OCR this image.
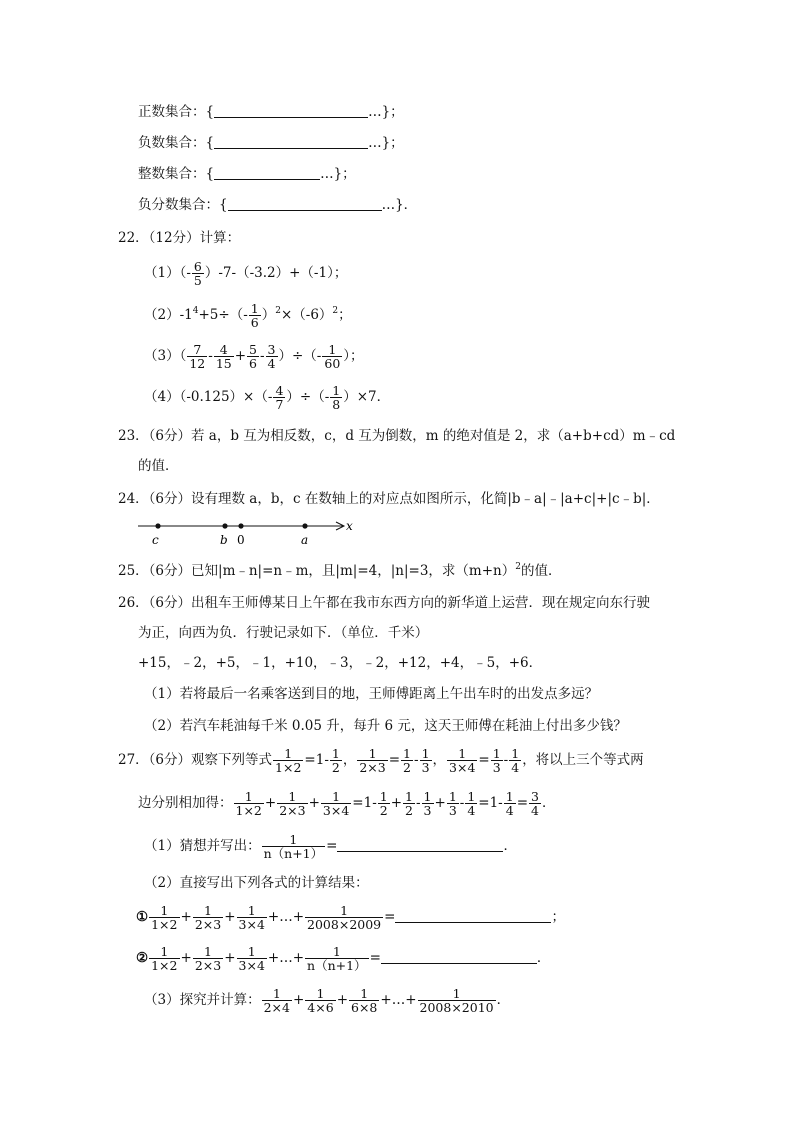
正数集合：{	…}；
负数集合：{	…}；
整数集合：{	…}；
负分数集合：{	…}．
22．（12分）计算：
$(1)(- \frac{6}{5} )-7-(-3.2)+(-1)$；
$(2)-1^4+5\div(- \frac{1}{6} )^2\times(-6)^2$；
$(3)( \frac{7}{12} - \frac{4}{15} + \frac{5}{6} - \frac{3}{4}$ ）÷（- $\frac{1}{60}$ ）；
$(4)(-0.125)\times(- \frac{4}{7}$ ）÷（- $\frac{1}{8} )\times 7$．
23．（6分）若 a，b 互为相反数，c，d 互为倒数，m 的绝对值是 2，求（a+b+cd）m﹣cd
的值．
24．（6分）设有理数 a，b，c 在数轴上的对应点如图所示，化简|b﹣a|﹣|a+c|+|c﹣b|．
c	b 0	a
x
25．（6分）已知|m﹣n|=n﹣m，且|m|=4，|n|=3，求$(m+n)^2$的值．
26．（6分）出租车王师傅某日上午都在我市东西方向的新华道上运营．现在规定向东行驶
为正，向西为负．行驶记录如下．（单位．千米）
+15，﹣2，+5，﹣1，+10，﹣3，﹣2，+12，+4，﹣5，+6．
（1）若将最后一名乘客送到目的地，王师傅距离上午出车时的出发点多远？
（2）若汽车耗油每千米 0.05 升，每升 6 元，这天王师傅在耗油上付出多少钱？
27．（6分）观察下列等式 $\frac{1}{1\times 2} =1- \frac{1}{2}$ ， $\frac{1}{2\times 3} = \frac{1}{2} - \frac{1}{3}$ ， $\frac{1}{3\times 4} = \frac{1}{3} - \frac{1}{4}$ ，将以上三个等式两
边分别相加得： $\frac{1}{1\times 2} + \frac{1}{2\times 3} + \frac{1}{3\times 4} =1- \frac{1}{2} + \frac{1}{2} - \frac{1}{3} + \frac{1}{3} - \frac{1}{4} =1- \frac{1}{4} = \frac{3}{4}$ ．
（1）猜想并写出： $\frac{1}{n(n+1)}$ =	．
（2）直接写出下列各式的计算结果：
① $\frac{1}{1\times 2} + \frac{1}{2\times 3} + \frac{1}{3\times 4}$ +…+ $\frac{1}{2008\times 2009}$ =	；
② $\frac{1}{1\times 2} + \frac{1}{2\times 3} + \frac{1}{3\times 4}$ +…+ $\frac{1}{n(n+1)}$ =	．
（3）探究并计算： $\frac{1}{2\times 4} + \frac{1}{4\times 6} + \frac{1}{6\times 8}$ +…+ $\frac{1}{2008\times 2010}$ ．
